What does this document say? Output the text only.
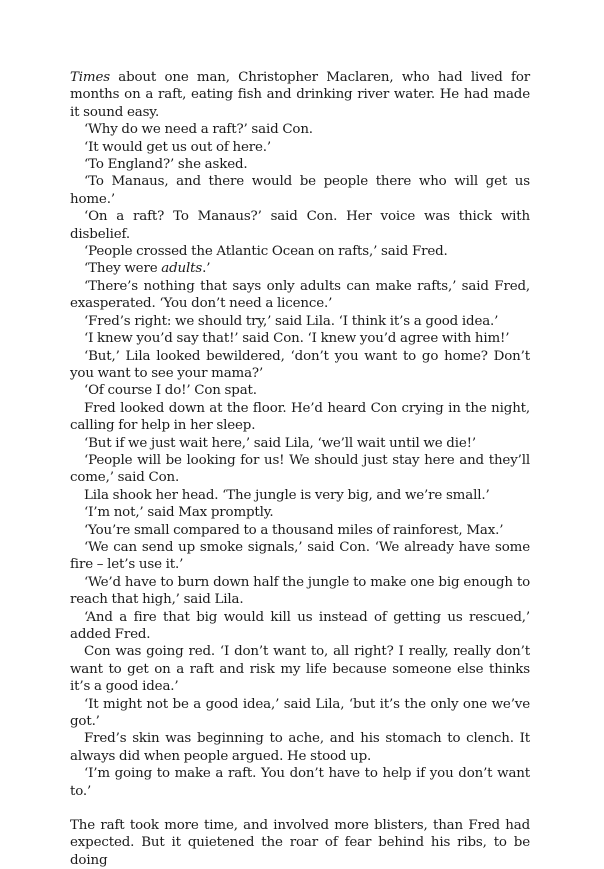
Times about one man, Christopher Maclaren, who had lived for months on a raft, eating fish and drinking river water. He had made it sound easy.

‘Why do we need a raft?’ said Con.

‘It would get us out of here.’

‘To England?’ she asked.

‘To Manaus, and there would be people there who will get us home.’

‘On a raft? To Manaus?’ said Con. Her voice was thick with disbelief.

‘People crossed the Atlantic Ocean on rafts,’ said Fred.

‘They were adults.’

‘There’s nothing that says only adults can make rafts,’ said Fred, exasperated. ‘You don’t need a licence.’

‘Fred’s right: we should try,’ said Lila. ‘I think it’s a good idea.’

‘I knew you’d say that!’ said Con. ‘I knew you’d agree with him!’

‘But,’ Lila looked bewildered, ‘don’t you want to go home? Don’t you want to see your mama?’

‘Of course I do!’ Con spat.

Fred looked down at the floor. He’d heard Con crying in the night, calling for help in her sleep.

‘But if we just wait here,’ said Lila, ‘we’ll wait until we die!’

‘People will be looking for us! We should just stay here and they’ll come,’ said Con.

Lila shook her head. ‘The jungle is very big, and we’re small.’

‘I’m not,’ said Max promptly.

‘You’re small compared to a thousand miles of rainforest, Max.’

‘We can send up smoke signals,’ said Con. ‘We already have some fire – let’s use it.’

‘We’d have to burn down half the jungle to make one big enough to reach that high,’ said Lila.

‘And a fire that big would kill us instead of getting us rescued,’ added Fred.

Con was going red. ‘I don’t want to, all right? I really, really don’t want to get on a raft and risk my life because someone else thinks it’s a good idea.’

‘It might not be a good idea,’ said Lila, ‘but it’s the only one we’ve got.’

Fred’s skin was beginning to ache, and his stomach to clench. It always did when people argued. He stood up.

‘I’m going to make a raft. You don’t have to help if you don’t want to.’

The raft took more time, and involved more blisters, than Fred had expected. But it quietened the roar of fear behind his ribs, to be doing
